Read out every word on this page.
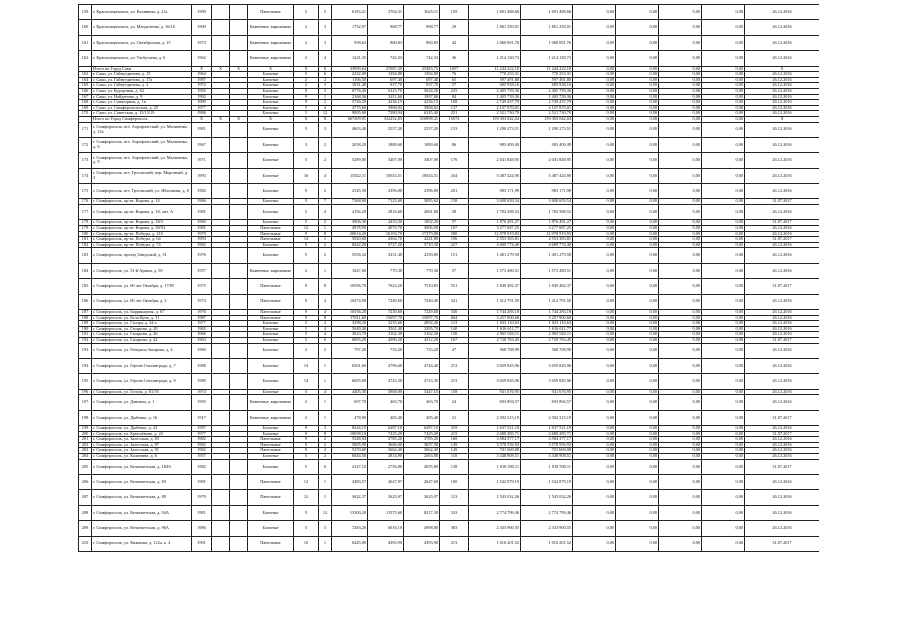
159	г. Красноперекопск, ул. Калинина, д. 21а	1990			Панельные	5	5	6183,21	3764,31	3625,11	159	1 691 488,66	1 691 488,66	0,00	0,00	0,00	0,00	26.12.2016
160	г. Красноперекопск, ул. Менделеева, д. 16/16	1900			Каменные, кирпичные	2	3	1752,97	968,77	968,77	29	1 861 250,01	1 861 250,01	0,00	0,00	0,00	0,00	26.12.2016
161	г. Красноперекопск, ул. Октябрьская, д. 15	1973			Каменные, кирпичные	2	3	958,63	860,83	860,83	42	1 060 691,76	1 060 691,76	0,00	0,00	0,00	0,00	26.12.2016
162	г. Красноперекопск, ул. Тагбутаева, д. 6	1962			Каменные, кирпичные	2	4	1221,35	742,33	742,33	36	1 214 130,73	1 214 130,73	0,00	0,00	0,00	0,00	26.12.2016
	Итого по Город Саки	X	X	X	X	X	X	33999,64	27087,29	25483,75	1057	11 244 222,18	11 244 222,18	0,00	0,00	0,00	0,00	X
163	г. Саки, ул. Гайнутдинова, д. 15	1964			Блочные	5	6	2232,00	1394,80	1394,80	76	770 253,31	770 253,31	0,00	0,00	0,00	0,00	26.12.2016
164	г. Саки, ул. Гайнутдинова, д. 17а	1987			Блочные	2	2	1166,50	697,40	697,40	65	597 491,80	597 491,80	0,00	0,00	0,00	0,00	26.12.2016
165	г. Саки, ул. Гайнутдинова, д. 2	1972			Блочные	2	3	1031,40	937,70	937,70	57	685 938,16	685 938,16	0,00	0,00	0,00	0,00	26.12.2016
166	г. Саки, ул. Курортная, д. 62	1992			Блочные	9	3	6776,40	6115,70	5624,26	225	2 405 759,36	2 405 759,36	0,00	0,00	0,00	0,00	26.12.2016
167	г. Саки, ул. Найденова, д. 9	1992			Блочные	9	1	2168,36	2411,66	1997,86	84	1 405 739,36	1 405 739,36	0,00	0,00	0,00	0,00	26.12.2016
168	г. Саки, ул. Санаторная, д. 1в	1989			Блочные	9	2	5726,20	4236,15	4236,15	168	2 749 437,79	2 749 437,79	0,00	0,00	0,00	0,00	26.12.2016
169	г. Саки, ул. Симферопольская, д. 25	1977			Блочные	5	4	4775,60	3968,02	3968,02	137	2 107 870,01	2 107 870,01	0,00	0,00	0,00	0,00	26.12.2016
170	г. Саки, ул. Советская, д. 13/13/19	1986			Блочные	5	12	9005,60	7280,94	6245,40	251	2 521 730,79	2 521 730,79	0,00	0,00	0,00	0,00	26.12.2016
	Итого по Город Симферополь	X	X	X	X	X	X	667309,91	332452,83	310898,41	15072	159 303 042,04	159 303 042,04	0,00	0,00	0,00	0,00	X
171	г. Симферополь, пгт. Аэрофлотский, ул. Мальченко, д. 15а	1981			Блочные	5	3	4603,40	2557,20	2557,20	153	1 290 273,51	1 290 273,51	0,00	0,00	0,00	0,00	26.12.2016
172	г. Симферополь, пгт. Аэрофлотский, ул. Мальченко, д. 6	1967			Блочные	3	2	2058,20	1889,60	1889,60	86	983 409,49	983 409,49	0,00	0,00	0,00	0,00	26.12.2016
173	г. Симферополь, пгт. Аэрофлотский, ул. Мальченко, д. 9	1971			Блочные	5	2	5289,00	3407,00	3407,00	176	2 041 848,95	2 041 848,95	0,00	0,00	0,00	0,00	26.12.2016
174	г. Симферополь, пгт. Грэсовский, пер. Морозный, д. 3	1993			Блочные	16	4	15822,11	10043,51	10043,51	434	5 487 424,90	5 487 424,90	0,00	0,00	0,00	0,00	26.12.2016
175	г. Симферополь, пгт. Грэсовский, ул. Яблочкова, д. 6	1982			Блочные	9	2	4145,39	2396,80	2396,80	201	983 171,98	983 171,98	0,00	0,00	0,00	0,00	26.12.2016
176	г. Симферополь, пр-кт. Кирова, д. 14	1966			Блочные	5	7	7368,60	7125,60	5095,62	158	3 600 659,54	3 600 659,54	0,00	0,00	0,00	0,00	31.07.2017
177	г. Симферополь, пр-кт. Кирова, д. 18, лит. А	1981			Блочные	5	4	4194,20	2816,60	2681,80	58	1 782 588,52	1 782 588,52	0,00	0,00	0,00	0,00	26.12.2016
178	г. Симферополь, пр-кт. Кирова, д. 18/3	1960			Блочные	5	2	3906,30	2433,30	1852,20	57	1 876 491,27	1 876 491,27	0,00	0,00	0,00	0,00	31.07.2017
179	г. Симферополь, пр-кт. Кирова, д. 39/53	1981			Панельные	12	1	4978,90	4070,70	3006,00	107	3 277 687,25	3 277 687,25	0,00	0,00	0,00	0,00	26.12.2016
180	г. Симферополь, пр-кт. Победы, д. 210	1979			Панельные	9	8	20614,20	16103,70	17379,80	580	12 978 919,83	12 978 919,83	0,00	0,00	0,00	0,00	26.12.2016
181	г. Симферополь, пр-кт. Победы, д. 64	1993			Панельные	14	1	5920,60	4364,70	4241,80	196	2 553 383,81	2 553 383,81	0,00	0,00	0,00	0,00	31.07.2017
182	г. Симферополь, пр-кт. Победы, д. 74	1982			Блочные	9	2	8442,20	5727,20	5710,30	227	4 689 774,40	4 689 774,40	0,00	0,00	0,00	0,00	26.12.2016
183	г. Симферополь, проезд Заводской, д. 31	1976			Блочные	5	2	5556,32	3231,40	2250,80	151	1 401 279,58	1 401 279,58	0,00	0,00	0,00	0,00	26.12.2016
184	г. Симферополь, ул. 51-й Армии, д. 59	1957			Каменные, кирпичные	2	1	1647,00	770,30	770,30	57	1 573 480,51	1 573 480,51	0,00	0,00	0,00	0,00	26.12.2016
185	г. Симферополь, ул. 60 лет Октября, д. 17/85	1975			Панельные	9	8	16596,70	7623,20	7510,85	551	1 849 482,37	1 849 482,37	0,00	0,00	0,00	0,00	31.07.2017
186	г. Симферополь, ул. 60 лет Октября, д. 3	1974			Панельные	9	4	10474,90	7240,60	7240,40	341	1 412 791,50	1 412 791,50	0,00	0,00	0,00	0,00	26.12.2016
187	г. Симферополь, ул. Баррикадная, д. 67	1976			Панельные	9	4	10536,20	7230,60	7229,60	330	1 744 283,18	1 744 283,18	0,00	0,00	0,00	0,00	26.12.2016
188	г. Симферополь, ул. Бела Куна, д. 31	1987			Панельные	9	8	17811,60	15097,70	15097,70	604	3 257 900,68	3 257 900,68	0,00	0,00	0,00	0,00	26.12.2016
189	г. Симферополь, ул. Гаспра, д. 24 а	1977			Блочные	5	2	3298,20	2235,60	2092,40	113	1 023 110,63	1 023 110,63	0,00	0,00	0,00	0,00	26.12.2016
190	г. Симферополь, ул. Гагарина, д. 20	1965			Блочные	5	4	5049,40	3561,40	3205,70	140	1 616 611,77	1 616 611,77	0,00	0,00	0,00	0,00	26.12.2016
191	г. Симферополь, ул. Гагарина, д. 26	1966			Блочные	5	4	3823,70	3162,30	3162,30	150	2 965 920,11	2 965 920,11	0,00	0,00	0,00	0,00	26.12.2016
192	г. Симферополь, ул. Гагарина, д. 42	1963			Блочные	5	6	6805,20	4590,20	4312,20	167	2 728 763,45	2 728 763,45	0,00	0,00	0,00	0,00	31.07.2017
193	г. Симферополь, ул. Генерала Захарова, д. 4	1960			Блочные	2	2	797,20	733,20	733,20	47	568 708,99	568 708,99	0,00	0,00	0,00	0,00	26.12.2016
194	г. Симферополь, ул. Героев Сталинграда, д. 7	1988			Блочные	14	1	6561,60	4796,60	4744,40	213	3 659 845,96	3 659 845,96	0,00	0,00	0,00	0,00	26.12.2016
195	г. Симферополь, ул. Героев Сталинграда, д. 9	1989			Блочные	14	1	6605,00	4723,30	4723,30	213	3 659 845,96	3 659 845,96	0,00	0,00	0,00	0,00	26.12.2016
196	г. Симферополь, ул. Гоголя, д. 81/16	1974			Блочные	5	4	4405,30	3968,80	3447,10	158	941 676,95	941 676,95	0,00	0,00	0,00	0,00	26.12.2016
197	г. Симферополь, ул. Даниана, д. 1	1959			Каменные, кирпичные	2	1	697,70	463,70	463,70	24	693 894,57	693 894,57	0,00	0,00	0,00	0,00	26.12.2016
198	г. Симферополь, ул. Дыбенко, д. 16	1917			Каменные, кирпичные	2	1	478,90	405,40	405,40	21	2 392 315,19	2 392 315,19	0,00	0,00	0,00	0,00	31.07.2017
199	г. Симферополь, ул. Дыбенко, д. 23	1997			Блочные	9	3	8244,10	6287,10	6287,10	319	1 637 521,18	1 637 521,18	0,00	0,00	0,00	0,00	26.12.2016
200	г. Симферополь, ул. Ермолёнова, д. 22	1977			Блочные	9	8	10658,10	7425,20	7425,20	215	2 680 285,71	2 680 285,71	0,00	0,00	0,00	0,00	31.07.2017
201	г. Симферополь, ул. Залесская, д. 83	1982			Панельные	9	2	5548,94	3785,20	3785,20	160	3 584 377,17	3 584 377,17	0,00	0,00	0,00	0,00	26.12.2016
202	г. Симферополь, ул. Залесская, д. 87	1982			Панельные	9	2	5605,90	3666,00	3657,90	149	3 578 556,92	3 578 556,92	0,00	0,00	0,00	0,00	26.12.2016
203	г. Симферополь, ул. Залесская, д. 91	1982			Панельные	9	2	5370,60	3662,40	3662,40	149	701 669,08	701 669,08	0,00	0,00	0,00	0,00	26.12.2016
204	г. Симферополь, ул. Калинина, д. 6	1957			Блочные	5	2	6044,50	2814,90	2563,80	110	3 348 908,51	3 348 908,51	0,00	0,00	0,00	0,00	26.12.2016
205	г. Симферополь, ул. Кечкеметская, д. 184А	1982			Блочные	5	6	4147,10	2756,80	2055,80	138	1 018 590,11	1 018 590,11	0,00	0,00	0,00	0,00	31.07.2017
206	г. Симферополь, ул. Кечкеметская, д. 83	1981			Панельные	12	1	3483,57	2647,97	2647,60	100	1 542 879,19	1 542 879,19	0,00	0,00	0,00	0,00	26.12.2016
207	г. Симферополь, ул. Кечкеметская, д. 89	1979			Панельные	12	1	3622,37	2625,97	2625,97	113	1 543 032,26	1 543 032,26	0,00	0,00	0,00	0,00	26.12.2016
208	г. Симферополь, ул. Кечкеметская, д. 94А	1981			Блочные	5	12	13300,20	11575,60	8217,30	333	2 774 799,46	2 774 799,46	0,00	0,00	0,00	0,00	26.12.2016
209	г. Симферополь, ул. Кечкеметская, д. 96А	1986			Блочные	5	3	7283,26	6016,10	4998,80	383	2 333 960,55	2 333 960,55	0,00	0,00	0,00	0,00	26.12.2016
210	г. Симферополь, ул. Кижкина, д. 122а, к. 2	1991			Панельные	10	1	6445,00	4393,90	4393,90	213	1 016 201,52	1 016 201,52	0,00	0,00	0,00	0,00	31.07.2017
